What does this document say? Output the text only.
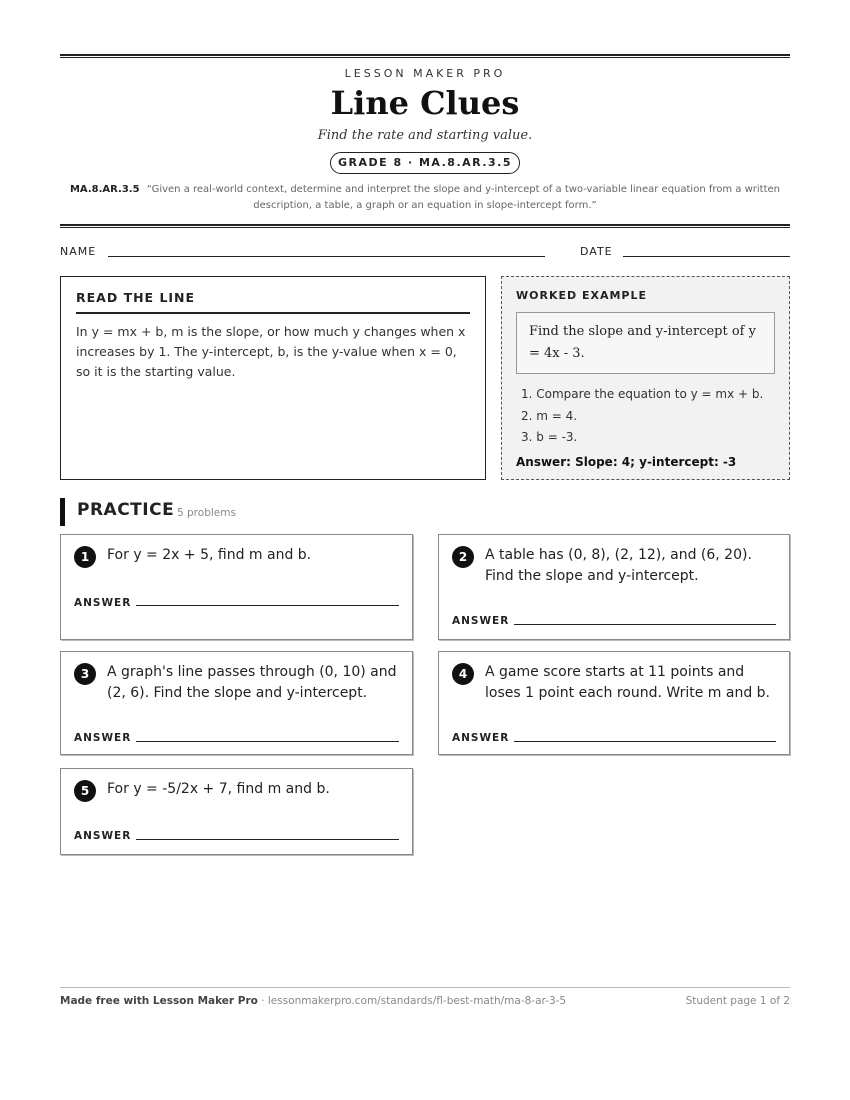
LESSON MAKER PRO
Line Clues
Find the rate and starting value.
GRADE 8 · MA.8.AR.3.5
MA.8.AR.3.5 “Given a real-world context, determine and interpret the slope and y-intercept of a two-variable linear equation from a written description, a table, a graph or an equation in slope-intercept form.”
NAME	DATE
READ THE LINE
In y = mx + b, m is the slope, or how much y changes when x increases by 1. The y-intercept, b, is the y-value when x = 0, so it is the starting value.
WORKED EXAMPLE
Find the slope and y-intercept of y = 4x - 3.
1. Compare the equation to y = mx + b.
2. m = 4.
3. b = -3.
Answer: Slope: 4; y-intercept: -3
PRACTICE 5 problems
1	For y = 2x + 5, find m and b.
ANSWER
2	A table has (0, 8), (2, 12), and (6, 20). Find the slope and y-intercept.
ANSWER
3	A graph's line passes through (0, 10) and (2, 6). Find the slope and y-intercept.
ANSWER
4	A game score starts at 11 points and loses 1 point each round. Write m and b.
ANSWER
5	For y = -5/2x + 7, find m and b.
ANSWER
Made free with Lesson Maker Pro · lessonmakerpro.com/standards/fl-best-math/ma-8-ar-3-5	Student page 1 of 2
